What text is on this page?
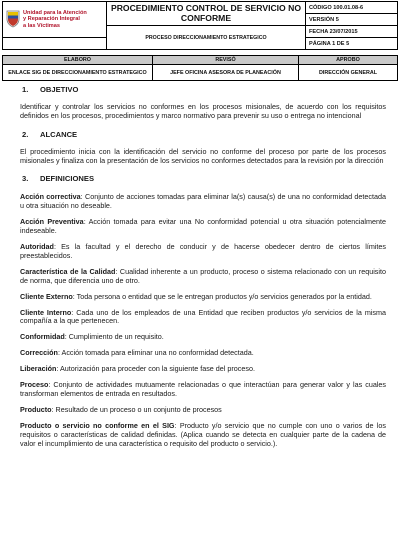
Unidad para la Atención
y Reparación Integral
a las Víctimas	PROCEDIMIENTO CONTROL DE SERVICIO NO CONFORME	CÓDIGO 100.01.08-6
		VERSIÓN 5
	PROCESO DIRECCIONAMIENTO ESTRATEGICO	FECHA 23/07/2015
		PÁGINA 1 DE 5
ELABORO	REVISÓ	APROBO
ENLACE SIG DE DIRECCIONAMIENTO ESTRATEGICO	JEFE OFICINA ASESORA DE PLANEACIÓN	DIRECCIÓN GENERAL
1. OBJETIVO

Identificar y controlar los servicios no conformes en los procesos misionales, de acuerdo con los requisitos definidos en los procesos, procedimientos y marco normativo para prevenir su uso o entrega no intencional

2. ALCANCE

El procedimiento inicia con la identificación del servicio no conforme del proceso por parte de los procesos misionales y finaliza con la presentación de los servicios no conformes detectados para la revisión por la dirección

3. DEFINICIONES

Acción correctiva: Conjunto de acciones tomadas para eliminar la(s) causa(s) de una no conformidad detectada u otra situación no deseable.

Acción Preventiva: Acción tomada para evitar una No conformidad potencial u otra situación potencialmente indeseable.

Autoridad: Es la facultad y el derecho de conducir y de hacerse obedecer dentro de ciertos límites preestablecidos.

Característica de la Calidad: Cualidad inherente a un producto, proceso o sistema relacionado con un requisito de norma, que diferencia uno de otro.

Cliente Externo: Toda persona o entidad que se le entregan productos y/o servicios generados por la entidad.

Cliente Interno: Cada uno de los empleados de una Entidad que reciben productos y/o servicios de la misma compañía a la que pertenecen.

Conformidad: Cumplimiento de un requisito.

Corrección: Acción tomada para eliminar una no conformidad detectada.

Liberación: Autorización para proceder con la siguiente fase del proceso.

Proceso: Conjunto de actividades mutuamente relacionadas o que interactúan para generar valor y las cuales transforman elementos de entrada en resultados.

Producto: Resultado de un proceso o un conjunto de procesos

Producto o servicio no conforme en el SIG: Producto y/o servicio que no cumple con uno o varios de los requisitos o características de calidad definidas. (Aplica cuando se detecta en cualquier parte de la cadena de valor el incumplimiento de una característica o requisito del producto o servicio.).
